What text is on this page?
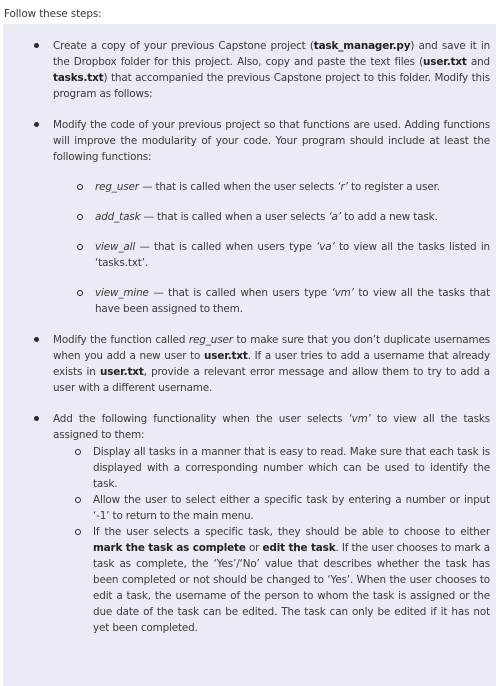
Follow these steps:
Create a copy of your previous Capstone project (task_manager.py) and save it in the Dropbox folder for this project. Also, copy and paste the text files (user.txt and tasks.txt) that accompanied the previous Capstone project to this folder. Modify this program as follows:
Modify the code of your previous project so that functions are used. Adding functions will improve the modularity of your code. Your program should include at least the following functions:
reg_user — that is called when the user selects ‘r’ to register a user.
add_task — that is called when a user selects ‘a’ to add a new task.
view_all — that is called when users type ‘va’ to view all the tasks listed in ‘tasks.txt’.
view_mine — that is called when users type ‘vm’ to view all the tasks that have been assigned to them.
Modify the function called reg_user to make sure that you don’t duplicate usernames when you add a new user to user.txt. If a user tries to add a username that already exists in user.txt, provide a relevant error message and allow them to try to add a user with a different username.
Add the following functionality when the user selects ‘vm’ to view all the tasks assigned to them:
Display all tasks in a manner that is easy to read. Make sure that each task is displayed with a corresponding number which can be used to identify the task.
Allow the user to select either a specific task by entering a number or input ‘-1’ to return to the main menu.
If the user selects a specific task, they should be able to choose to either mark the task as complete or edit the task. If the user chooses to mark a task as complete, the ‘Yes’/‘No’ value that describes whether the task has been completed or not should be changed to ‘Yes’. When the user chooses to edit a task, the username of the person to whom the task is assigned or the due date of the task can be edited. The task can only be edited if it has not yet been completed.
